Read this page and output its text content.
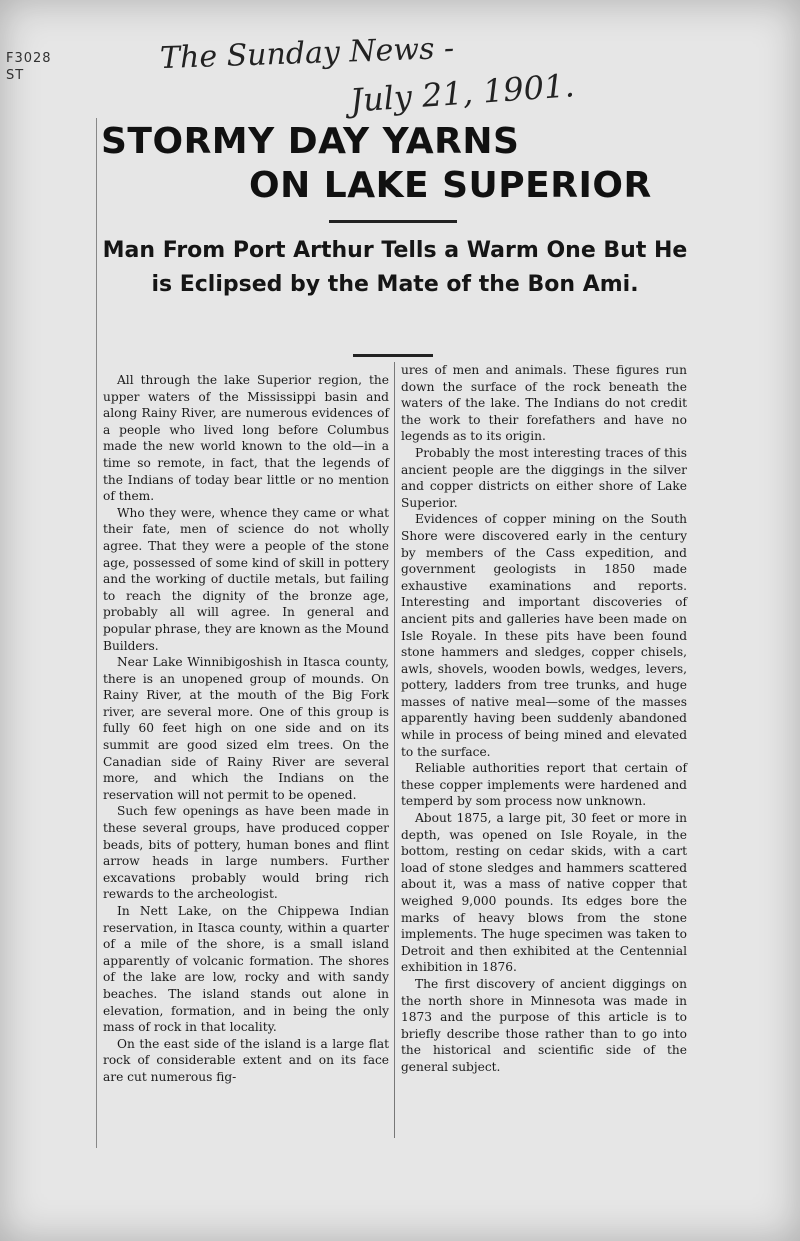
F3028
ST	The Sunday News -
July 21, 1901.
STORMY DAY YARNS
ON LAKE SUPERIOR
Man From Port Arthur Tells a Warm One But He is Eclipsed by the Mate of the Bon Ami.

All through the lake Superior region, the upper waters of the Mississippi basin and along Rainy River, are numerous evidences of a people who lived long before Columbus made the new world known to the old—in a time so remote, in fact, that the legends of the Indians of today bear little or no mention of them.

Who they were, whence they came or what their fate, men of science do not wholly agree. That they were a people of the stone age, possessed of some kind of skill in pottery and the working of ductile metals, but failing to reach the dignity of the bronze age, probably all will agree. In general and popular phrase, they are known as the Mound Builders.

Near Lake Winnibigoshish in Itasca county, there is an unopened group of mounds. On Rainy River, at the mouth of the Big Fork river, are several more. One of this group is fully 60 feet high on one side and on its summit are good sized elm trees. On the Canadian side of Rainy River are several more, and which the Indians on the reservation will not permit to be opened.

Such few openings as have been made in these several groups, have produced copper beads, bits of pottery, human bones and flint arrow heads in large numbers. Further excavations probably would bring rich rewards to the archeologist.

In Nett Lake, on the Chippewa Indian reservation, in Itasca county, within a quarter of a mile of the shore, is a small island apparently of volcanic formation. The shores of the lake are low, rocky and with sandy beaches. The island stands out alone in elevation, formation, and in being the only mass of rock in that locality.

On the east side of the island is a large flat rock of considerable extent and on its face are cut numerous fig-

ures of men and animals. These figures run down the surface of the rock beneath the waters of the lake. The Indians do not credit the work to their forefathers and have no legends as to its origin.

Probably the most interesting traces of this ancient people are the diggings in the silver and copper districts on either shore of Lake Superior.

Evidences of copper mining on the South Shore were discovered early in the century by members of the Cass expedition, and government geologists in 1850 made exhaustive examinations and reports. Interesting and important discoveries of ancient pits and galleries have been made on Isle Royale. In these pits have been found stone hammers and sledges, copper chisels, awls, shovels, wooden bowls, wedges, levers, pottery, ladders from tree trunks, and huge masses of native meal—some of the masses apparently having been suddenly abandoned while in process of being mined and elevated to the surface.

Reliable authorities report that certain of these copper implements were hardened and temperd by som process now unknown.

About 1875, a large pit, 30 feet or more in depth, was opened on Isle Royale, in the bottom, resting on cedar skids, with a cart load of stone sledges and hammers scattered about it, was a mass of native copper that weighed 9,000 pounds. Its edges bore the marks of heavy blows from the stone implements. The huge specimen was taken to Detroit and then exhibited at the Centennial exhibition in 1876.

The first discovery of ancient diggings on the north shore in Minnesota was made in 1873 and the purpose of this article is to briefly describe those rather than to go into the historical and scientific side of the general subject.
